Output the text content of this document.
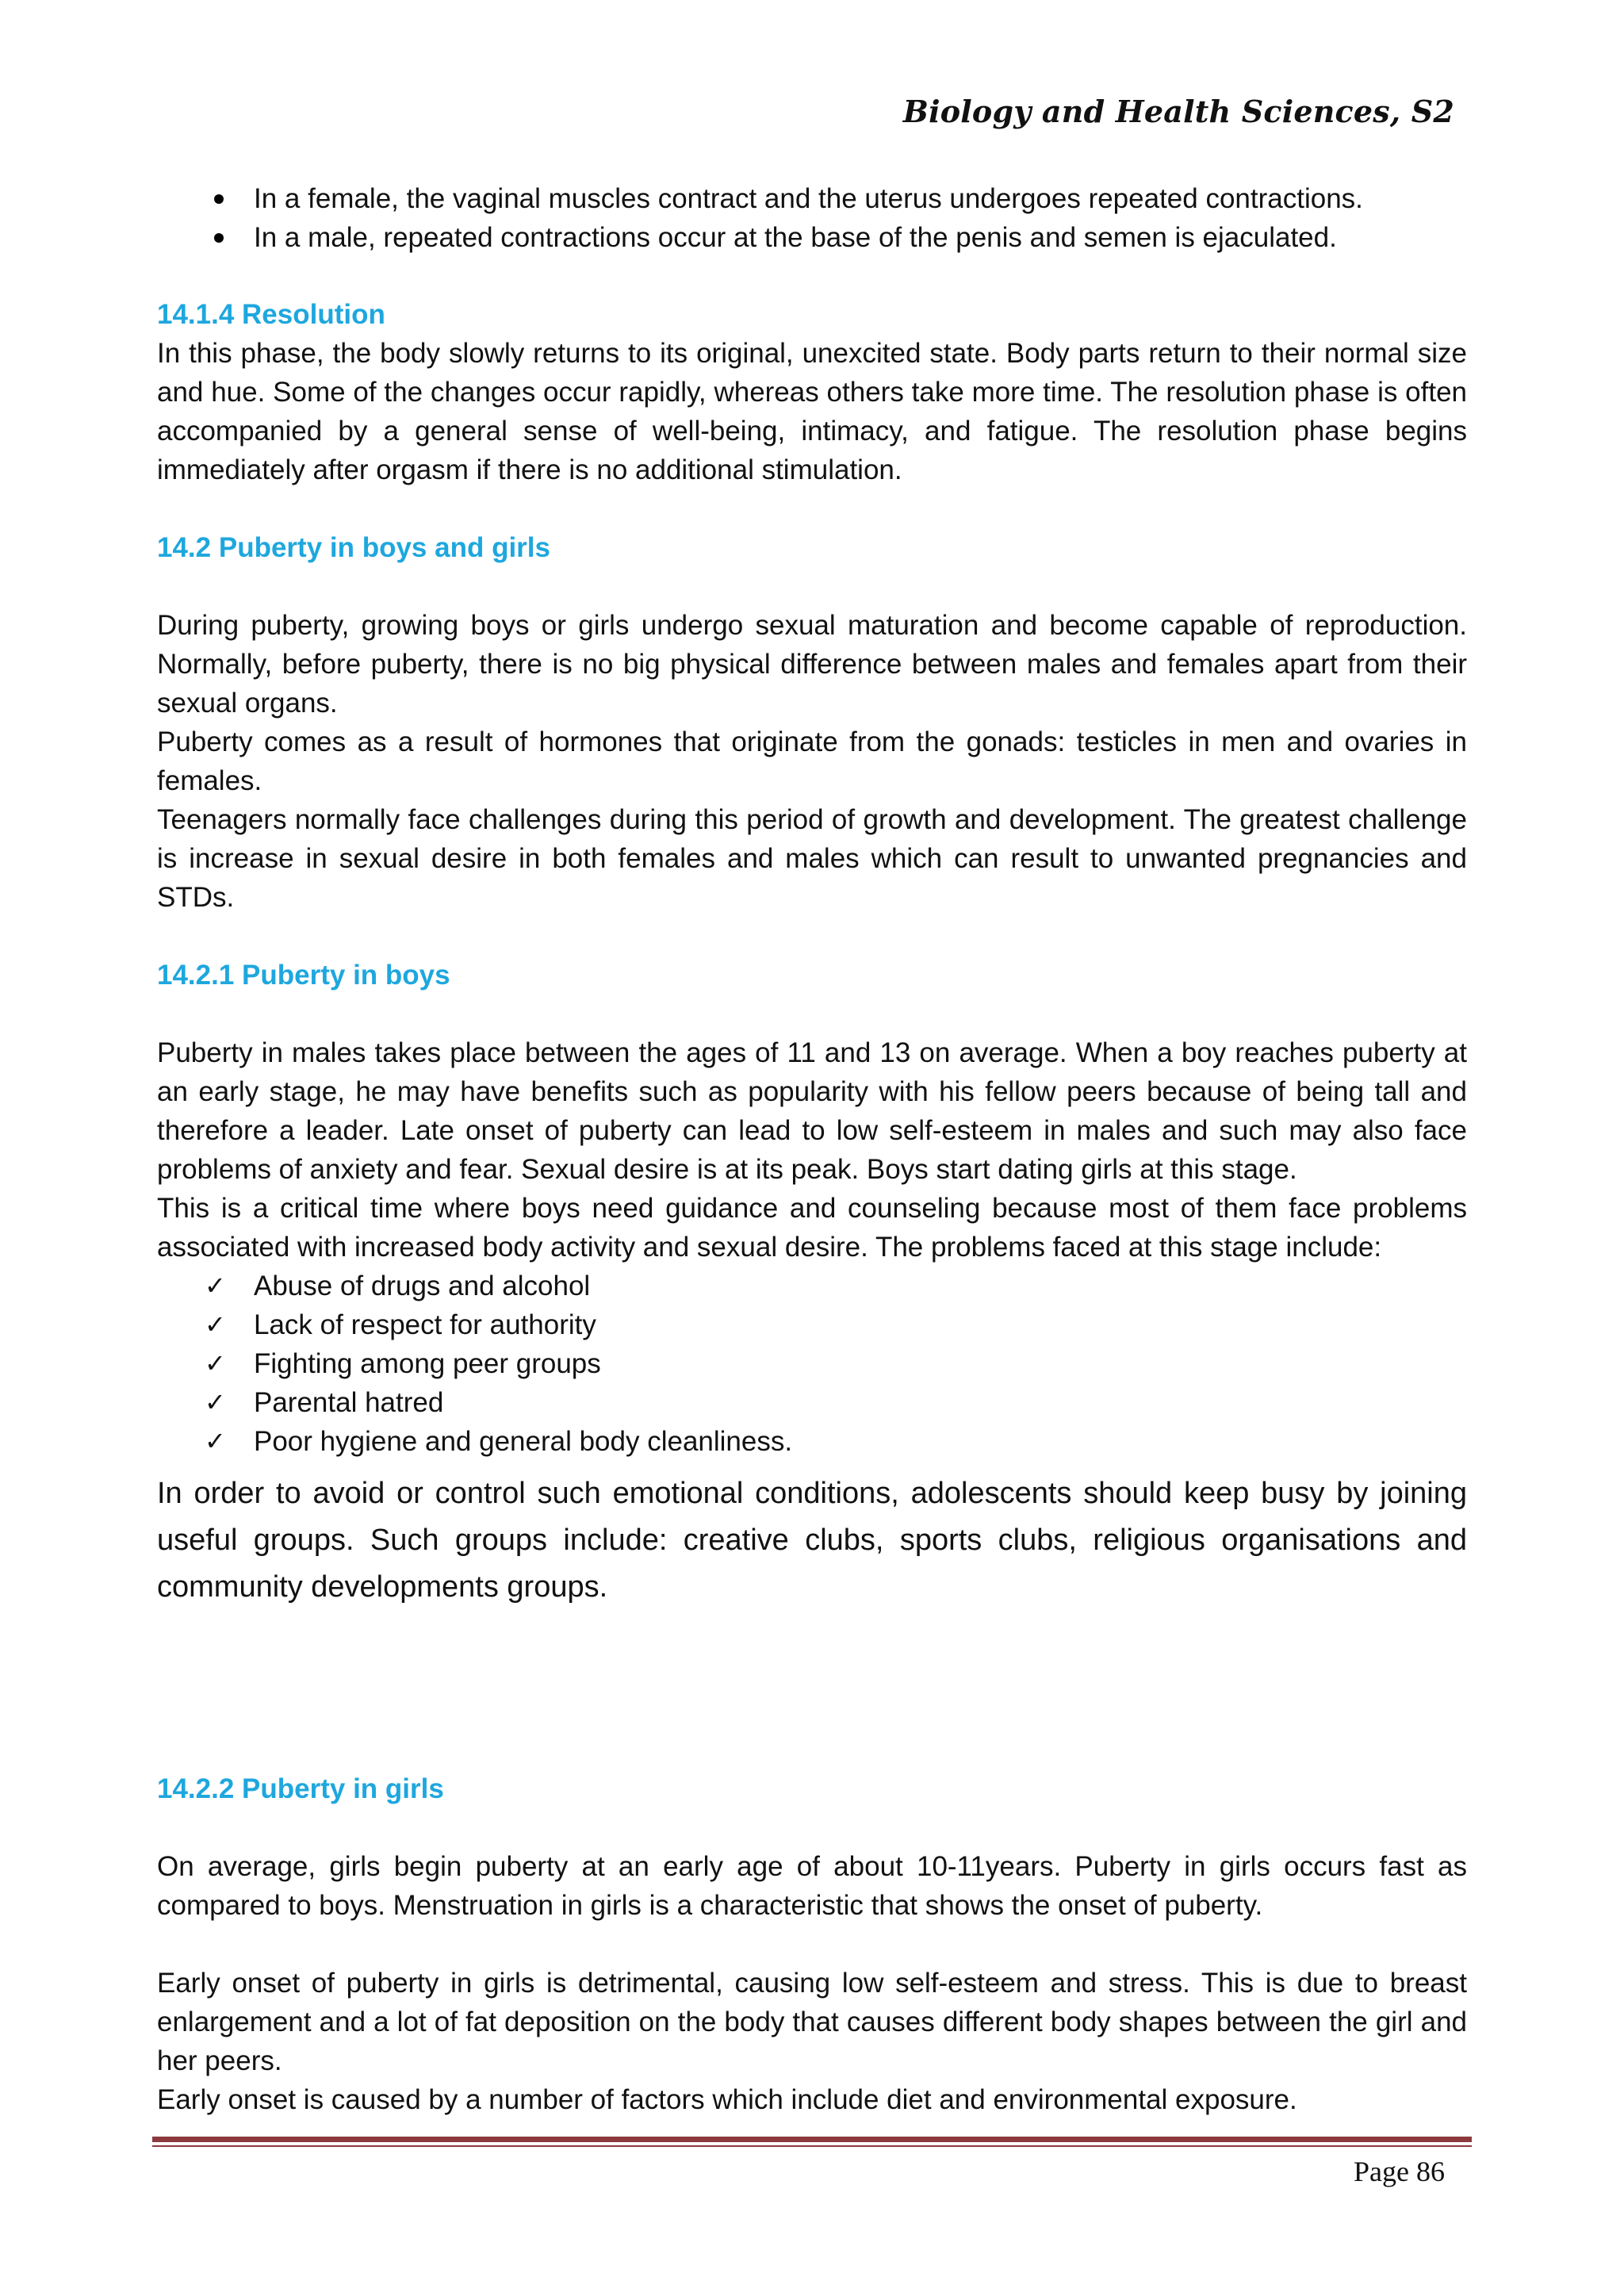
Biology and Health Sciences, S2
In a female, the vaginal muscles contract and the uterus undergoes repeated contractions.
In a male, repeated contractions occur at the base of the penis and semen is ejaculated.
14.1.4 Resolution

In this phase, the body slowly returns to its original, unexcited state. Body parts return to their normal size and hue. Some of the changes occur rapidly, whereas others take more time. The resolution phase is often accompanied by a general sense of well-being, intimacy, and fatigue. The resolution phase begins immediately after orgasm if there is no additional stimulation.

14.2 Puberty in boys and girls

During puberty, growing boys or girls undergo sexual maturation and become capable of reproduction. Normally, before puberty, there is no big physical difference between males and females apart from their sexual organs.

Puberty comes as a result of hormones that originate from the gonads: testicles in men and ovaries in females.

Teenagers normally face challenges during this period of growth and development. The greatest challenge is increase in sexual desire in both females and males which can result to unwanted pregnancies and STDs.

14.2.1 Puberty in boys

Puberty in males takes place between the ages of 11 and 13 on average. When a boy reaches puberty at an early stage, he may have benefits such as popularity with his fellow peers because of being tall and therefore a leader. Late onset of puberty can lead to low self-esteem in males and such may also face problems of anxiety and fear. Sexual desire is at its peak. Boys start dating girls at this stage.

This is a critical time where boys need guidance and counseling because most of them face problems associated with increased body activity and sexual desire. The problems faced at this stage include:

✓ Abuse of drugs and alcohol
✓ Lack of respect for authority
✓ Fighting among peer groups
✓ Parental hatred
✓ Poor hygiene and general body cleanliness.

In order to avoid or control such emotional conditions, adolescents should keep busy by joining useful groups. Such groups include: creative clubs, sports clubs, religious organisations and community developments groups.

14.2.2 Puberty in girls

On average, girls begin puberty at an early age of about 10-11years. Puberty in girls occurs fast as compared to boys. Menstruation in girls is a characteristic that shows the onset of puberty.

Early onset of puberty in girls is detrimental, causing low self-esteem and stress. This is due to breast enlargement and a lot of fat deposition on the body that causes different body shapes between the girl and her peers.

Early onset is caused by a number of factors which include diet and environmental exposure.

Page 86
